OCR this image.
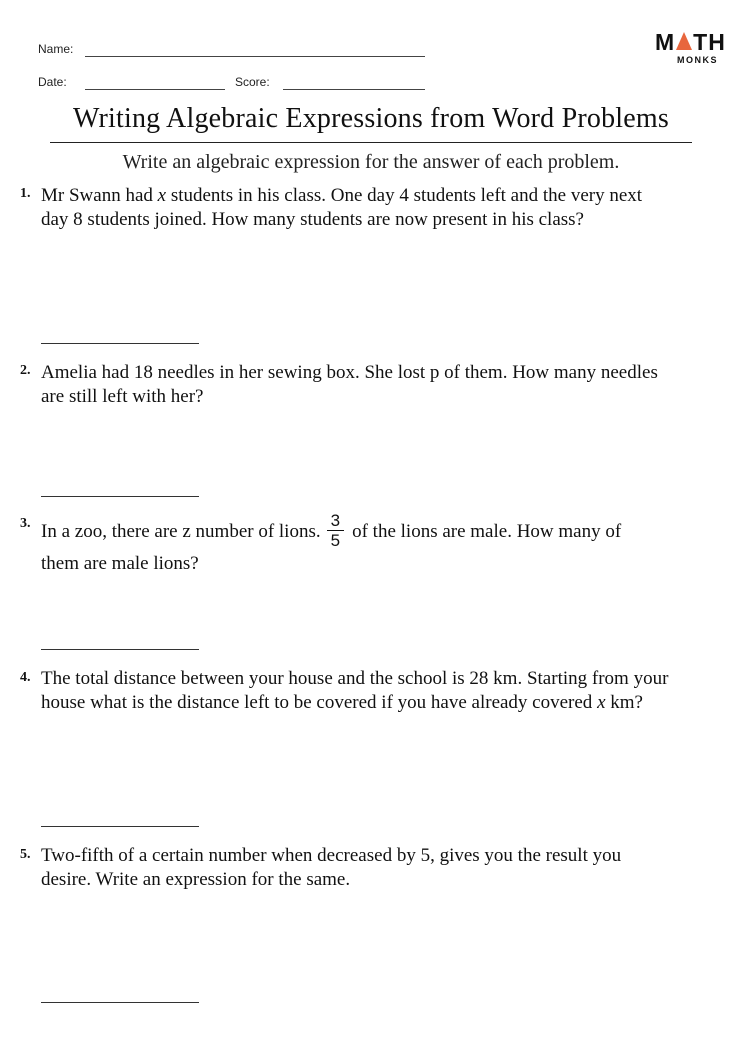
Name:
Date:	Score:
M TH
MONKS
Writing Algebraic Expressions from Word Problems
Write an algebraic expression for the answer of each problem.
1. Mr Swann had x students in his class. One day 4 students left and the very next
day 8 students joined. How many students are now present in his class?
2. Amelia had 18 needles in her sewing box. She lost p of them. How many needles
are still left with her?
3. In a zoo, there are z number of lions. $\frac{3}{5}$ of the lions are male. How many of
them are male lions?
4. The total distance between your house and the school is 28 km. Starting from your
house what is the distance left to be covered if you have already covered x km?
5. Two-fifth of a certain number when decreased by 5, gives you the result you
desire. Write an expression for the same.
